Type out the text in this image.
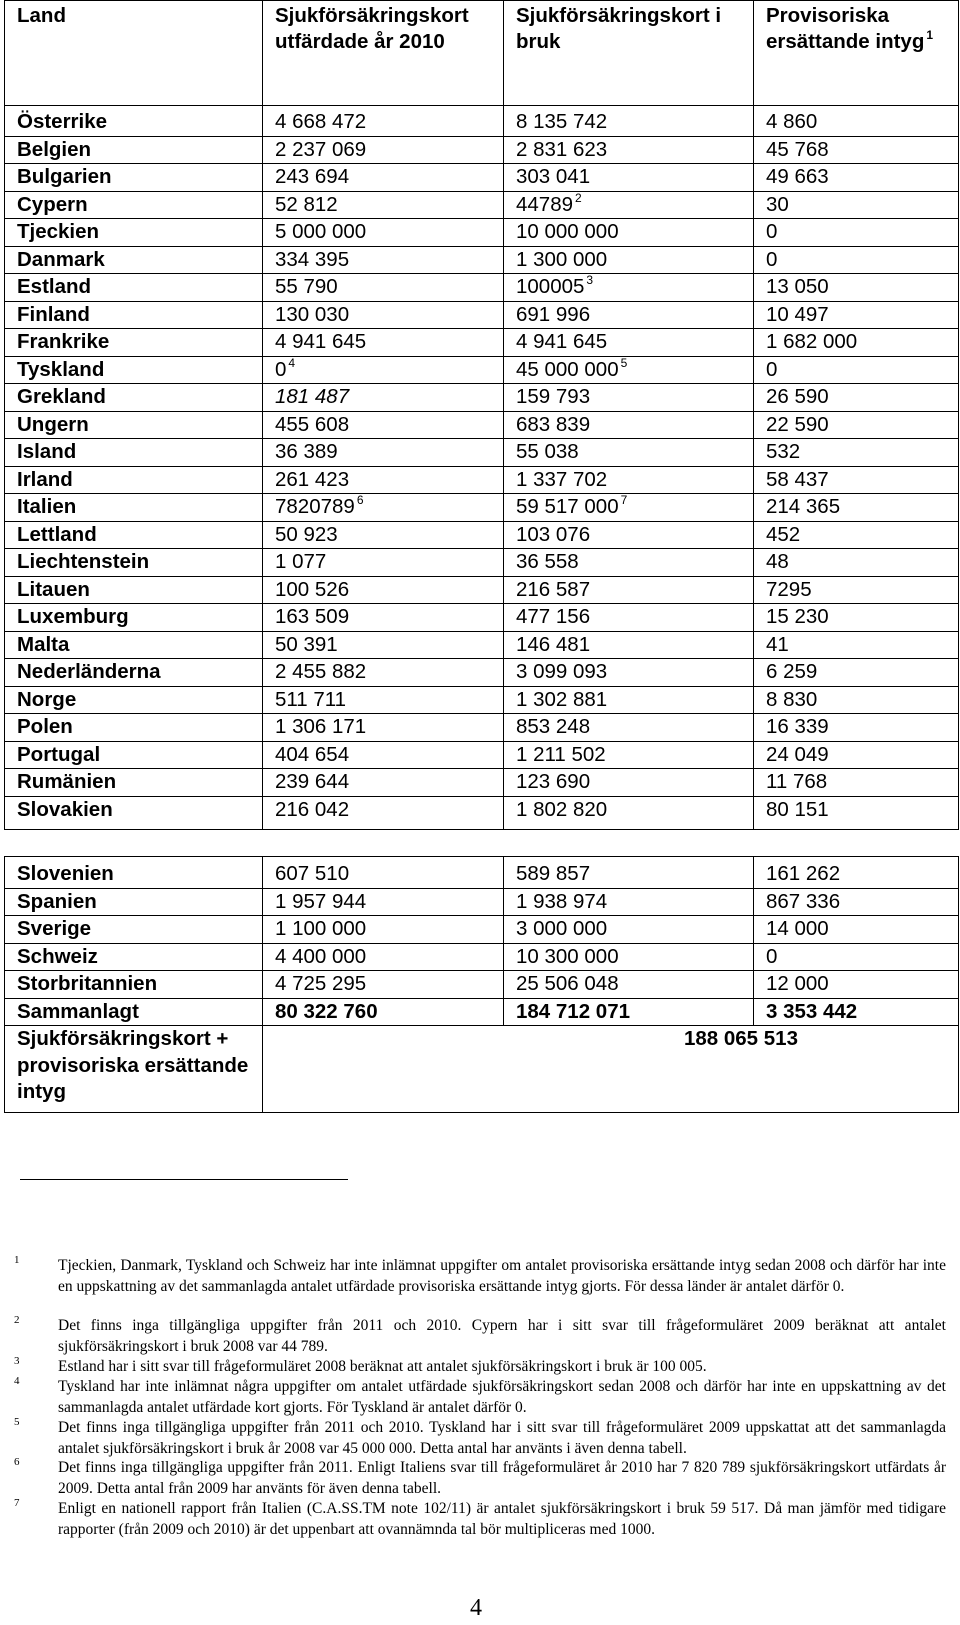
Land	Sjukförsäkringskort utfärdade år 2010	Sjukförsäkringskort i bruk	Provisoriska ersättande intyg $^1$
Österrike	4 668 472	8 135 742	4 860
Belgien	2 237 069	2 831 623	45 768
Bulgarien	243 694	303 041	49 663
Cypern	52 812	44789 $^2$	30
Tjeckien	5 000 000	10 000 000	0
Danmark	334 395	1 300 000	0
Estland	55 790	100005 $^3$	13 050
Finland	130 030	691 996	10 497
Frankrike	4 941 645	4 941 645	1 682 000
Tyskland	0 $^4$	45 000 000 $^5$	0
Grekland	181 487	159 793	26 590
Ungern	455 608	683 839	22 590
Island	36 389	55 038	532
Irland	261 423	1 337 702	58 437
Italien	7820789 $^6$	59 517 000 $^7$	214 365
Lettland	50 923	103 076	452
Liechtenstein	1 077	36 558	48
Litauen	100 526	216 587	7295
Luxemburg	163 509	477 156	15 230
Malta	50 391	146 481	41
Nederländerna	2 455 882	3 099 093	6 259
Norge	511 711	1 302 881	8 830
Polen	1 306 171	853 248	16 339
Portugal	404 654	1 211 502	24 049
Rumänien	239 644	123 690	11 768
Slovakien	216 042	1 802 820	80 151
Slovenien	607 510	589 857	161 262
Spanien	1 957 944	1 938 974	867 336
Sverige	1 100 000	3 000 000	14 000
Schweiz	4 400 000	10 300 000	0
Storbritannien	4 725 295	25 506 048	12 000
Sammanlagt	80 322 760	184 712 071	3 353 442
Sjukförsäkringskort + provisoriska ersättande intyg	188 065 513		
1 Tjeckien, Danmark, Tyskland och Schweiz har inte inlämnat uppgifter om antalet provisoriska ersättande intyg sedan 2008 och därför har inte en uppskattning av det sammanlagda antalet utfärdade provisoriska ersättande intyg gjorts. För dessa länder är antalet därför 0.
2 Det finns inga tillgängliga uppgifter från 2011 och 2010. Cypern har i sitt svar till frågeformuläret 2009 beräknat att antalet sjukförsäkringskort i bruk 2008 var 44 789.
3 Estland har i sitt svar till frågeformuläret 2008 beräknat att antalet sjukförsäkringskort i bruk är 100 005.
4 Tyskland har inte inlämnat några uppgifter om antalet utfärdade sjukförsäkringskort sedan 2008 och därför har inte en uppskattning av det sammanlagda antalet utfärdade kort gjorts. För Tyskland är antalet därför 0.
5 Det finns inga tillgängliga uppgifter från 2011 och 2010. Tyskland har i sitt svar till frågeformuläret 2009 uppskattat att det sammanlagda antalet sjukförsäkringskort i bruk år 2008 var 45 000 000. Detta antal har använts i även denna tabell.
6 Det finns inga tillgängliga uppgifter från 2011. Enligt Italiens svar till frågeformuläret år 2010 har 7 820 789 sjukförsäkringskort utfärdats år 2009. Detta antal från 2009 har använts för även denna tabell.
7 Enligt en nationell rapport från Italien (C.A.SS.TM note 102/11) är antalet sjukförsäkringskort i bruk 59 517. Då man jämför med tidigare rapporter (från 2009 och 2010) är det uppenbart att ovannämnda tal bör multipliceras med 1000.
4
